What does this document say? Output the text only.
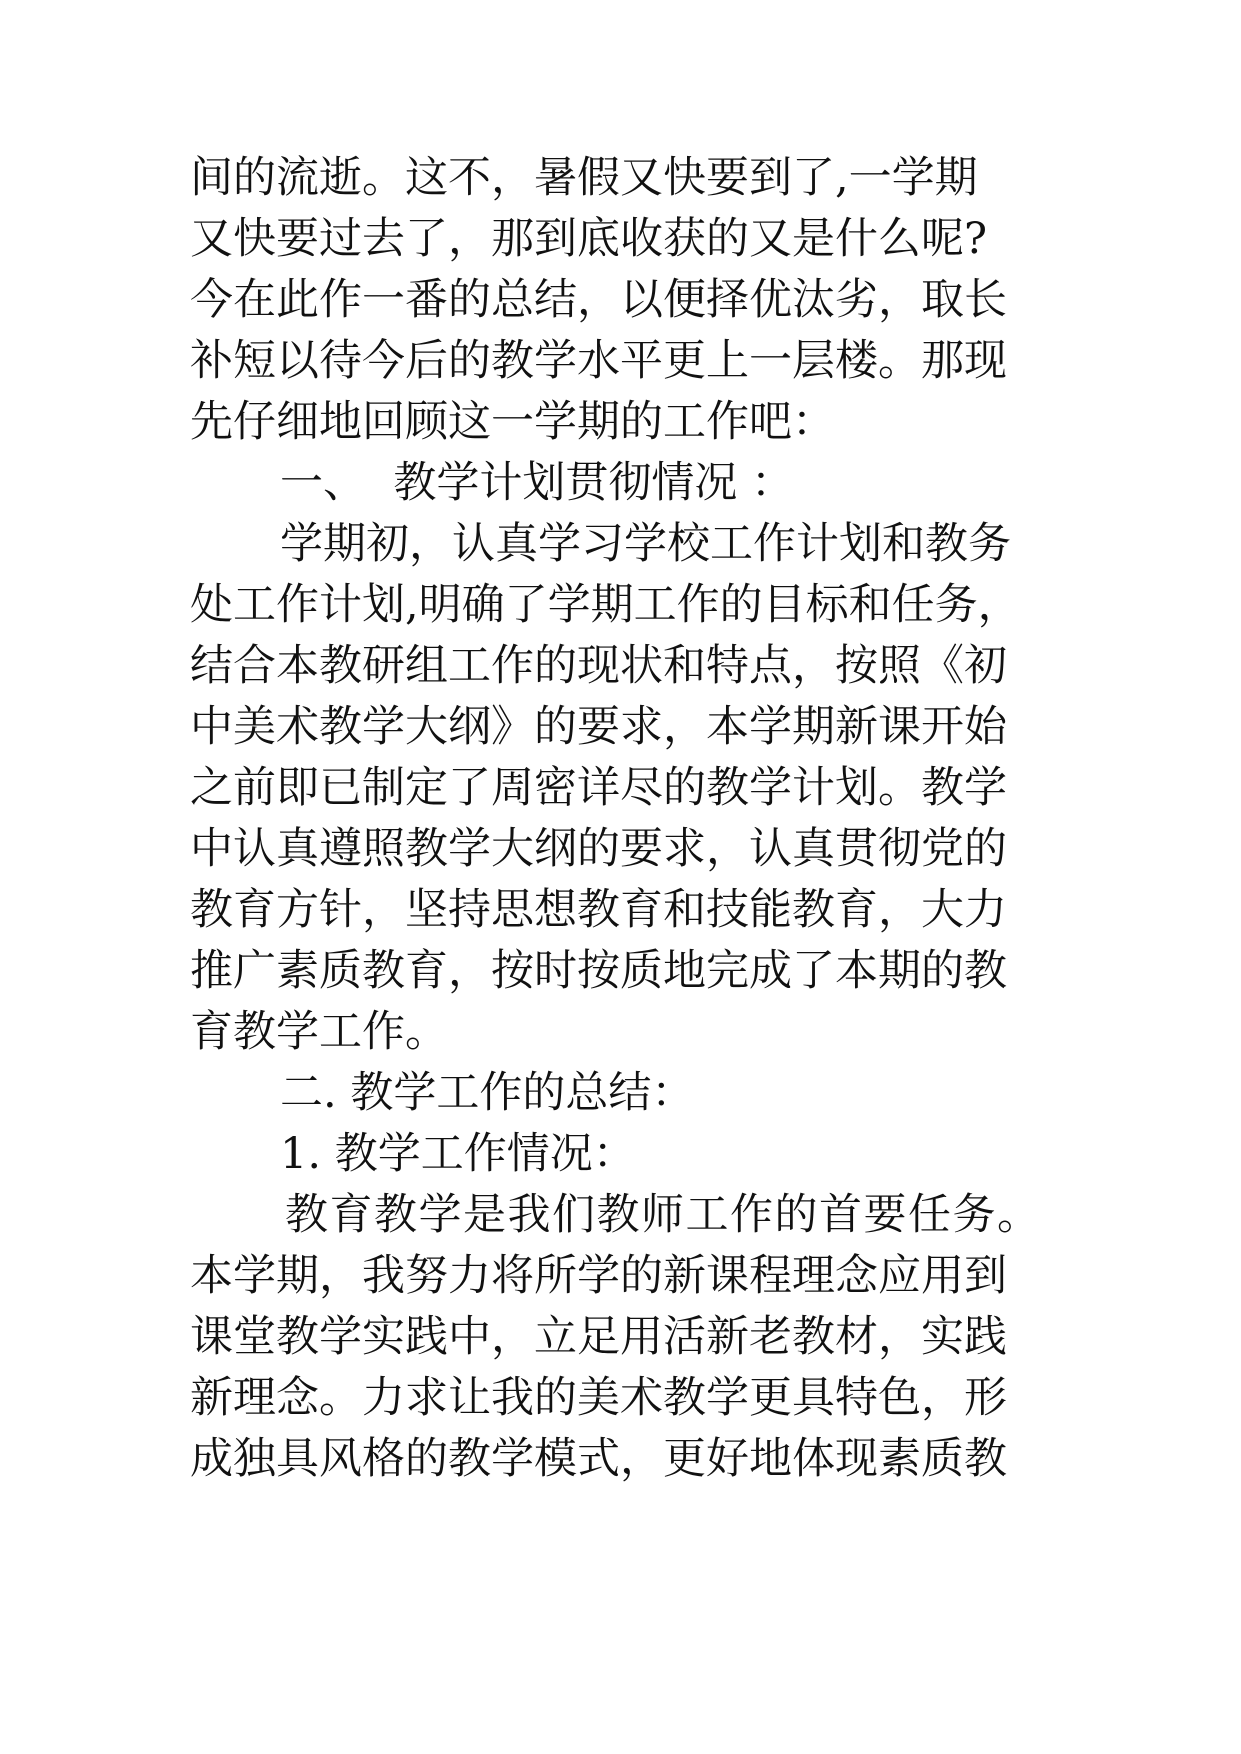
间的流逝。这不，暑假又快要到了,一学期
又快要过去了，那到底收获的又是什么呢?
今在此作一番的总结，以便择优汰劣，取长
补短以待今后的教学水平更上一层楼。那现
先仔细地回顾这一学期的工作吧：
一、  教学计划贯彻情况 ：
学期初，认真学习学校工作计划和教务
处工作计划,明确了学期工作的目标和任务，
结合本教研组工作的现状和特点，按照《初
中美术教学大纲》的要求，本学期新课开始
之前即已制定了周密详尽的教学计划。教学
中认真遵照教学大纲的要求，认真贯彻党的
教育方针，坚持思想教育和技能教育，大力
推广素质教育，按时按质地完成了本期的教
育教学工作。
二. 教学工作的总结：
1. 教学工作情况：
教育教学是我们教师工作的首要任务。
本学期，我努力将所学的新课程理念应用到
课堂教学实践中，立足用活新老教材，实践
新理念。力求让我的美术教学更具特色，形
成独具风格的教学模式，更好地体现素质教
